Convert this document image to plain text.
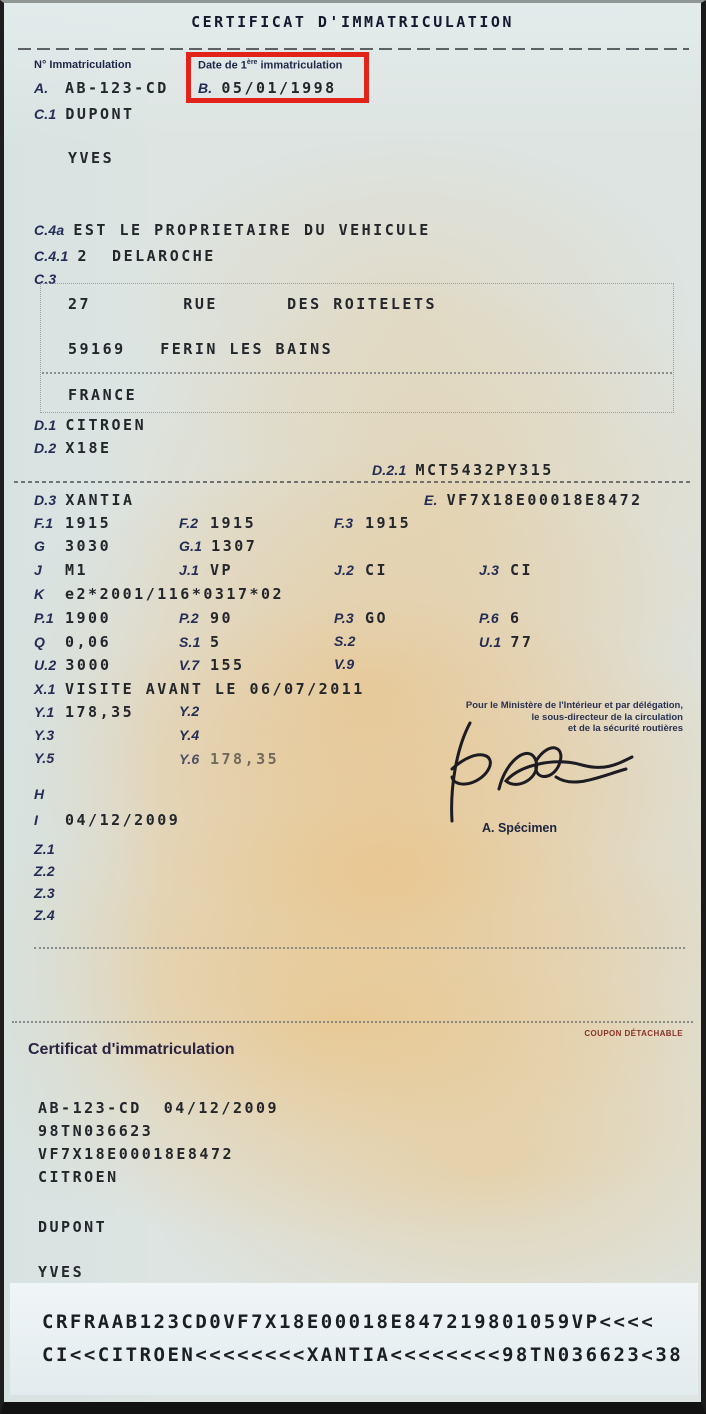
CERTIFICAT D'IMMATRICULATION
N° Immatriculation	Date de 1ère immatriculation
A.	AB-123-CD B. 05/01/1998
C.1 DUPONT
YVES
C.4a EST LE PROPRIETAIRE DU VEHICULE
C.4.1 2  DELAROCHE
C.3
27        RUE      DES ROITELETS
59169   FERIN LES BAINS
FRANCE
D.1 CITROEN
D.2 X18E
D.2.1 MCT5432PY315
D.3 XANTIA	E. VF7X18E00018E8472
F.1 1915	F.2 1915	F.3 1915
G	3030	G.1 1307
J	M1	J.1 VP	J.2 CI	J.3 CI
K	e2*2001/116*0317*02
P.1 1900	P.2 90	P.3 GO	P.6 6
Q	0,06	S.1 5	S.2	U.1 77
U.2 3000	V.7 155	V.9
X.1 VISITE AVANT LE 06/07/2011
Y.1 178,35	Y.2
Y.3	Y.4
Y.5	Y.6 178,35
Pour le Ministère de l'Intérieur et par délégation,
le sous-directeur de la circulation
et de la sécurité routières
A. Spécimen
H
I	04/12/2009
Z.1
Z.2
Z.3
Z.4
COUPON DÉTACHABLE
Certificat d'immatriculation
AB-123-CD 04/12/2009
98TN036623
VF7X18E00018E8472
CITROEN
DUPONT
YVES
CRFRAAB123CD0VF7X18E00018E847219801059VP<<<<
CI<<CITROEN<<<<<<<<XANTIA<<<<<<<<98TN036623<38
